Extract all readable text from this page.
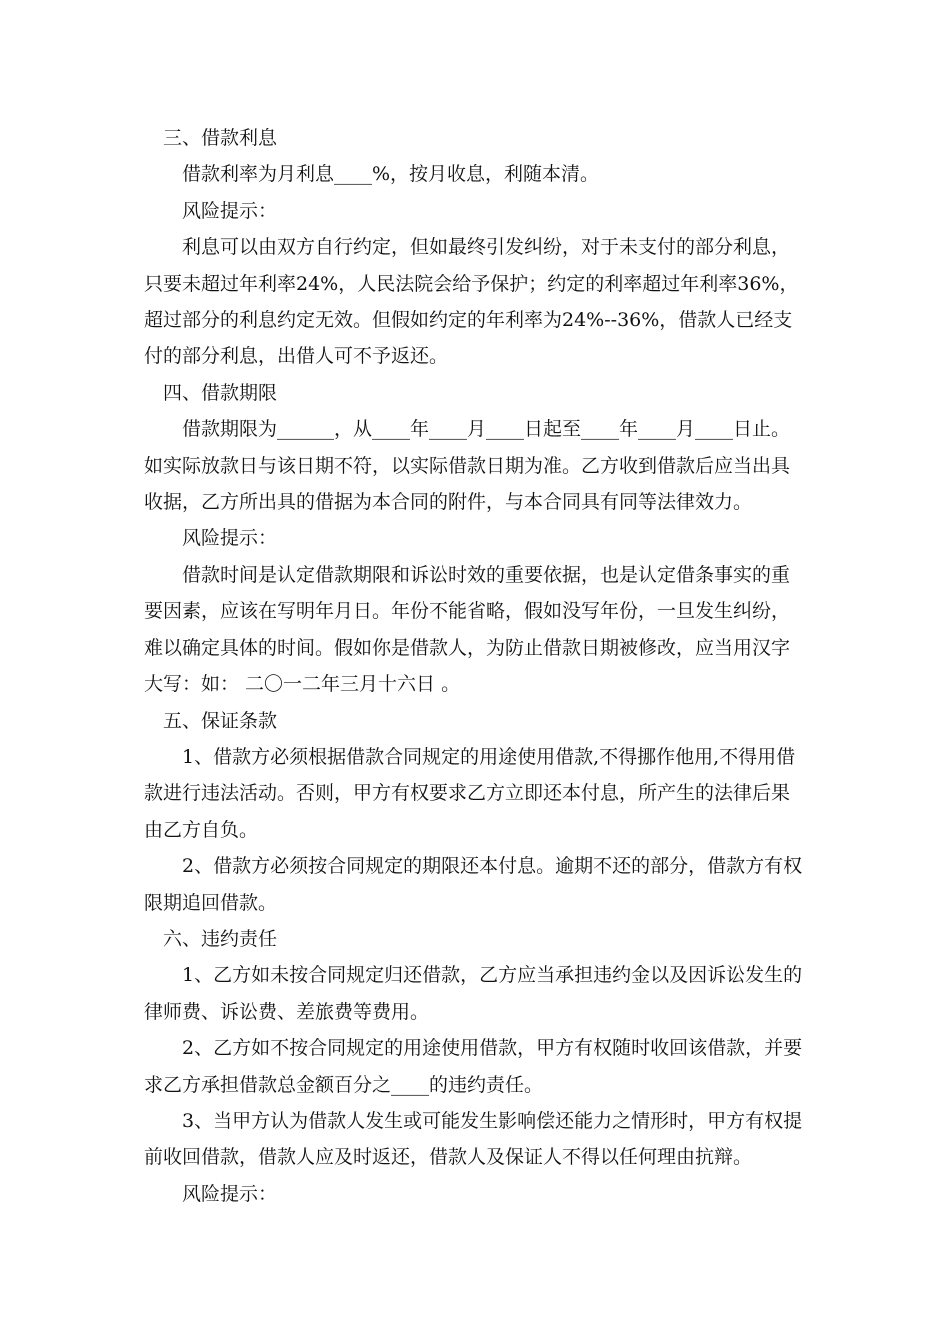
三、借款利息

借款利率为月利息____%，按月收息，利随本清。

风险提示：

利息可以由双方自行约定，但如最终引发纠纷，对于未支付的部分利息，只要未超过年利率24%，人民法院会给予保护；约定的利率超过年利率36%，超过部分的利息约定无效。但假如约定的年利率为24%--36%，借款人已经支付的部分利息，出借人可不予返还。

四、借款期限

借款期限为______，从____年____月____日起至____年____月____日止。如实际放款日与该日期不符，以实际借款日期为准。乙方收到借款后应当出具收据，乙方所出具的借据为本合同的附件，与本合同具有同等法律效力。

风险提示：

借款时间是认定借款期限和诉讼时效的重要依据，也是认定借条事实的重要因素，应该在写明年月日。年份不能省略，假如没写年份，一旦发生纠纷，难以确定具体的时间。假如你是借款人，为防止借款日期被修改，应当用汉字大写：如： 二〇一二年三月十六日 。

五、保证条款

1、借款方必须根据借款合同规定的用途使用借款,不得挪作他用,不得用借款进行违法活动。否则，甲方有权要求乙方立即还本付息，所产生的法律后果由乙方自负。

2、借款方必须按合同规定的期限还本付息。逾期不还的部分，借款方有权限期追回借款。

六、违约责任

1、乙方如未按合同规定归还借款，乙方应当承担违约金以及因诉讼发生的律师费、诉讼费、差旅费等费用。

2、乙方如不按合同规定的用途使用借款，甲方有权随时收回该借款，并要求乙方承担借款总金额百分之____的违约责任。

3、当甲方认为借款人发生或可能发生影响偿还能力之情形时，甲方有权提前收回借款，借款人应及时返还，借款人及保证人不得以任何理由抗辩。

风险提示：
